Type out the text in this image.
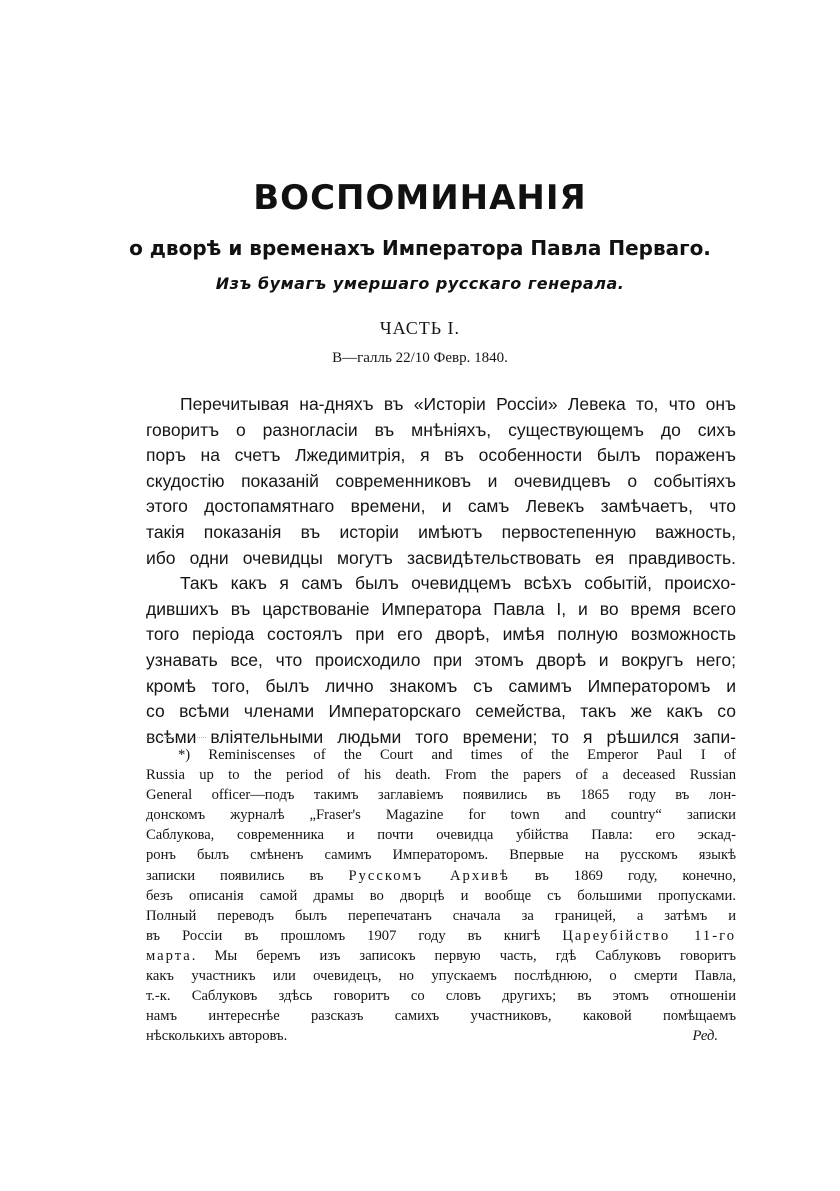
ВОСПОМИНАНІЯ
о дворѣ и временахъ Императора Павла Перваго.
Изъ бумагъ умершаго русскаго генерала.
ЧАСТЬ I.
В—галль 22/10 Февр. 1840.
Перечитывая на-дняхъ въ «Исторіи Россіи» Левека то, что онъ
говоритъ о разногласіи въ мнѣніяхъ, существующемъ до сихъ
поръ на счетъ Лжедимитрія, я въ особенности былъ пораженъ
скудостію показаній современниковъ и очевидцевъ о событіяхъ
этого достопамятнаго времени, и самъ Левекъ замѣчаетъ, что
такія показанія въ исторіи имѣютъ первостепенную важность,
ибо одни очевидцы могутъ засвидѣтельствовать ея правдивость.
Такъ какъ я самъ былъ очевидцемъ всѣхъ событій, происхо-
дившихъ въ царствованіе Императора Павла I, и во время всего
того періода состоялъ при его дворѣ, имѣя полную возможность
узнавать все, что происходило при этомъ дворѣ и вокругъ него;
кромѣ того, былъ лично знакомъ съ самимъ Императоромъ и
со всѣми членами Императорскаго семейства, такъ же какъ со
всѣми вліятельными людьми того времени; то я рѣшился запи-
*) Reminiscenses of the Court and times of the Emperor Paul I of
Russia up to the period of his death. From the papers of a deceased Russian
General officer—подъ такимъ заглавіемъ появились въ 1865 году въ лон-
донскомъ журналѣ „Fraser's Magazine for town and country“ записки
Саблукова, современника и почти очевидца убійства Павла: его эскад-
ронъ былъ смѣненъ самимъ Императоромъ. Впервые на русскомъ языкѣ
записки появились въ Русскомъ Архивѣ въ 1869 году, конечно,
безъ описанія самой драмы во дворцѣ и вообще съ большими пропусками.
Полный переводъ былъ перепечатанъ сначала за границей, а затѣмъ и
въ Россіи въ прошломъ 1907 году въ книгѣ Цареубійство 11-го
марта. Мы беремъ изъ записокъ первую часть, гдѣ Саблуковъ говоритъ
какъ участникъ или очевидецъ, но упускаемъ послѣднюю, о смерти Павла,
т.-к. Саблуковъ здѣсь говоритъ со словъ другихъ; въ этомъ отношеніи
намъ интереснѣе разсказъ самихъ участниковъ, каковой помѣщаемъ
нѣсколькихъ авторовъ.	Ред.
